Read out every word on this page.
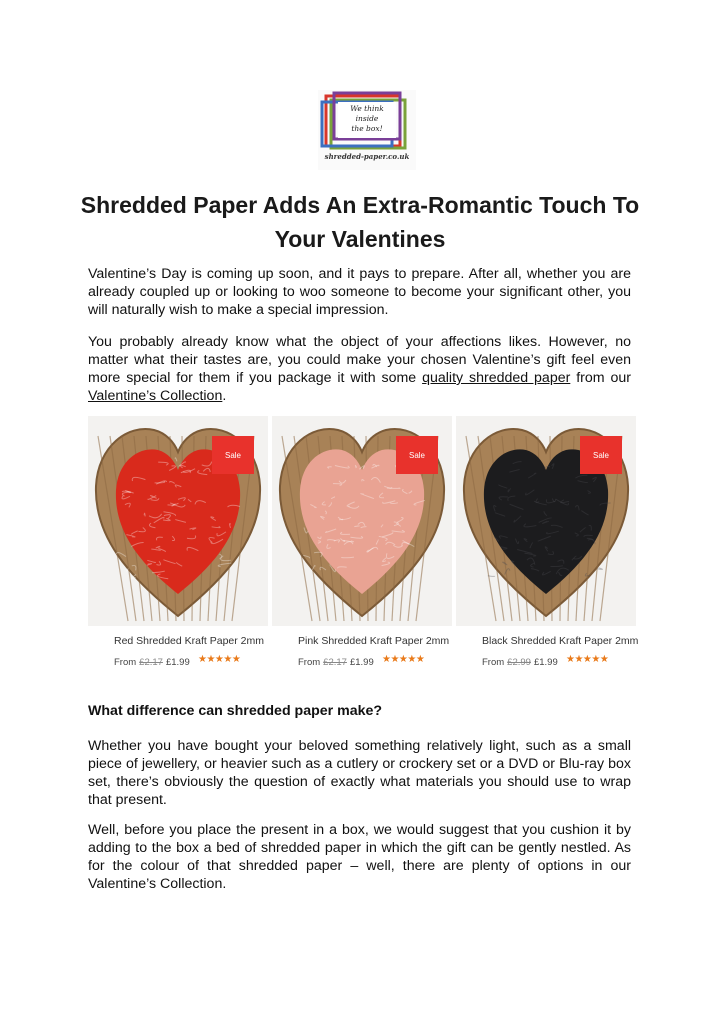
We think
inside
the box!
shredded-paper.co.uk
Shredded Paper Adds An Extra-Romantic Touch To Your Valentines

Valentine’s Day is coming up soon, and it pays to prepare. After all, whether you are already coupled up or looking to woo someone to become your significant other, you will naturally wish to make a special impression.

You probably already know what the object of your affections likes. However, no matter what their tastes are, you could make your chosen Valentine’s gift feel even more special for them if you package it with some quality shredded paper from our Valentine’s Collection.

Sale
Red Shredded Kraft Paper 2mm
From £2.17 £1.99 ★★★★★
Sale
Pink Shredded Kraft Paper 2mm
From £2.17 £1.99 ★★★★★
Sale
Black Shredded Kraft Paper 2mm
From £2.99 £1.99 ★★★★★

What difference can shredded paper make?

Whether you have bought your beloved something relatively light, such as a small piece of jewellery, or heavier such as a cutlery or crockery set or a DVD or Blu-ray box set, there’s obviously the question of exactly what materials you should use to wrap that present.

Well, before you place the present in a box, we would suggest that you cushion it by adding to the box a bed of shredded paper in which the gift can be gently nestled. As for the colour of that shredded paper – well, there are plenty of options in our Valentine’s Collection.
